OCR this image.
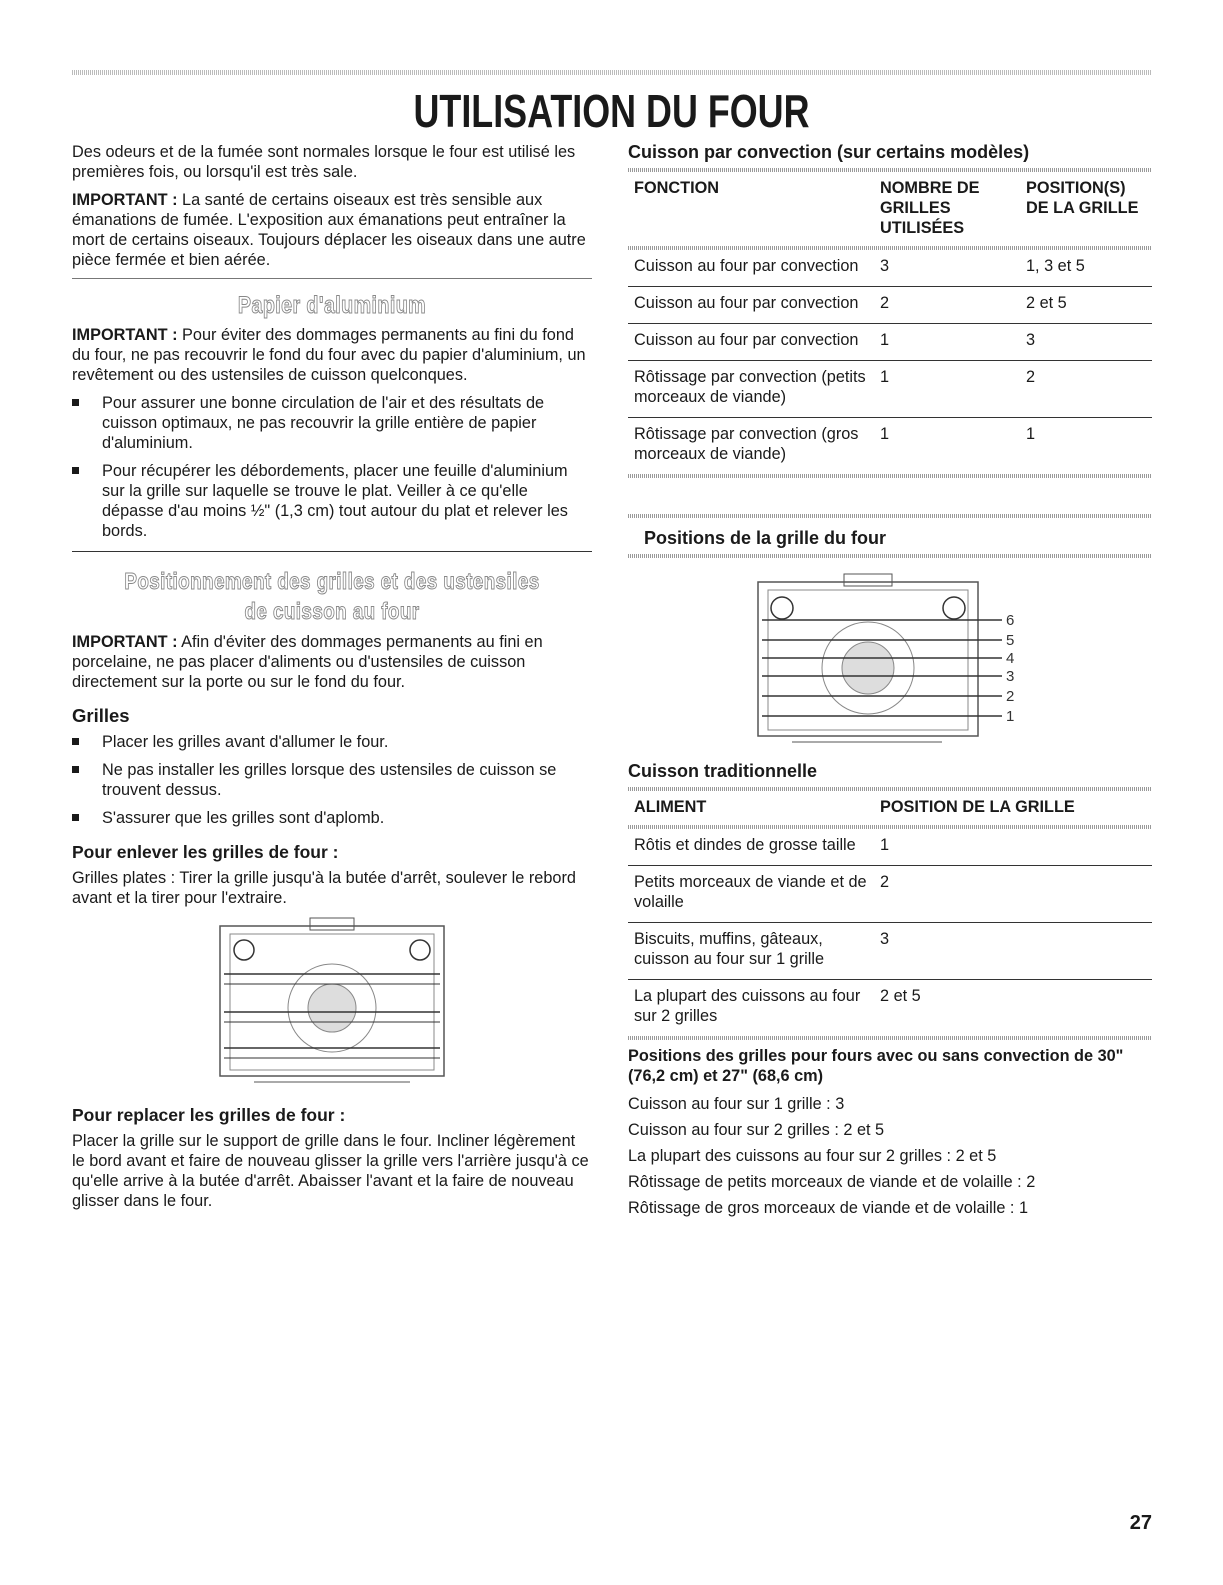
UTILISATION DU FOUR

Des odeurs et de la fumée sont normales lorsque le four est utilisé les premières fois, ou lorsqu'il est très sale.

IMPORTANT : La santé de certains oiseaux est très sensible aux émanations de fumée. L'exposition aux émanations peut entraîner la mort de certains oiseaux. Toujours déplacer les oiseaux dans une autre pièce fermée et bien aérée.

Papier d'aluminium

IMPORTANT : Pour éviter des dommages permanents au fini du fond du four, ne pas recouvrir le fond du four avec du papier d'aluminium, un revêtement ou des ustensiles de cuisson quelconques.

Pour assurer une bonne circulation de l'air et des résultats de cuisson optimaux, ne pas recouvrir la grille entière de papier d'aluminium.
Pour récupérer les débordements, placer une feuille d'aluminium sur la grille sur laquelle se trouve le plat. Veiller à ce qu'elle dépasse d'au moins ½" (1,3 cm) tout autour du plat et relever les bords.
Positionnement des grilles et des ustensiles de cuisson au four

IMPORTANT : Afin d'éviter des dommages permanents au fini en porcelaine, ne pas placer d'aliments ou d'ustensiles de cuisson directement sur la porte ou sur le fond du four.

Grilles
Placer les grilles avant d'allumer le four.
Ne pas installer les grilles lorsque des ustensiles de cuisson se trouvent dessus.
S'assurer que les grilles sont d'aplomb.
Pour enlever les grilles de four :

Grilles plates : Tirer la grille jusqu'à la butée d'arrêt, soulever le rebord avant et la tirer pour l'extraire.

Pour replacer les grilles de four :

Placer la grille sur le support de grille dans le four. Incliner légèrement le bord avant et faire de nouveau glisser la grille vers l'arrière jusqu'à ce qu'elle arrive à la butée d'arrêt. Abaisser l'avant et la faire de nouveau glisser dans le four.

Cuisson par convection (sur certains modèles)
FONCTION	NOMBRE DE GRILLES UTILISÉES	POSITION(S) DE LA GRILLE

Cuisson au four par convection	3	1, 3 et 5
Cuisson au four par convection	2	2 et 5
Cuisson au four par convection	1	3
Rôtissage par convection (petits morceaux de viande)	1	2
Rôtissage par convection (gros morceaux de viande)	1	1
Positions de la grille du four
6
5
4
3
2
1
Cuisson traditionnelle
ALIMENT	POSITION DE LA GRILLE

Rôtis et dindes de grosse taille	1
Petits morceaux de viande et de volaille	2
Biscuits, muffins, gâteaux, cuisson au four sur 1 grille	3
La plupart des cuissons au four sur 2 grilles	2 et 5

Positions des grilles pour fours avec ou sans convection de 30" (76,2 cm) et 27" (68,6 cm)

Cuisson au four sur 1 grille : 3

Cuisson au four sur 2 grilles : 2 et 5

La plupart des cuissons au four sur 2 grilles : 2 et 5

Rôtissage de petits morceaux de viande et de volaille : 2

Rôtissage de gros morceaux de viande et de volaille : 1

27
